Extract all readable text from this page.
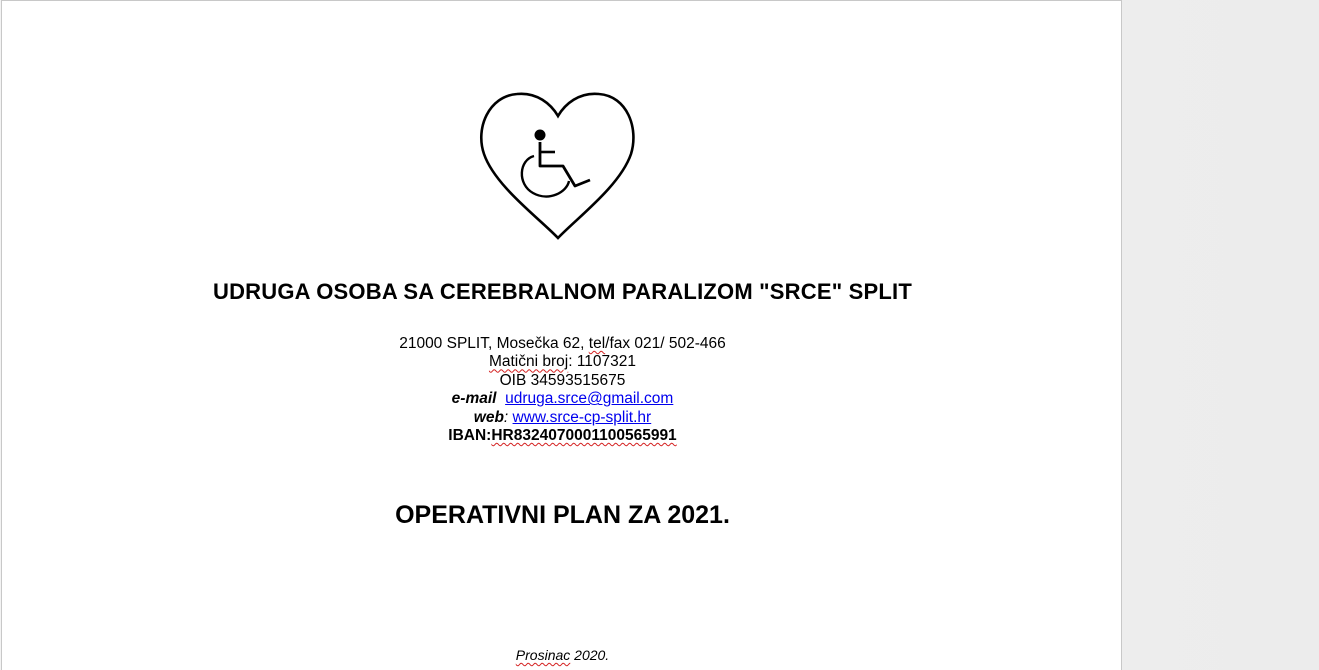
UDRUGA OSOBA SA CEREBRALNOM PARALIZOM "SRCE" SPLIT
21000 SPLIT, Mosečka 62, tel/fax 021/ 502-466
Matični broj: 1107321
OIB 34593515675
e-mail udruga.srce@gmail.com
web: www.srce-cp-split.hr
IBAN:HR8324070001100565991
OPERATIVNI PLAN ZA 2021.
Prosinac 2020.
